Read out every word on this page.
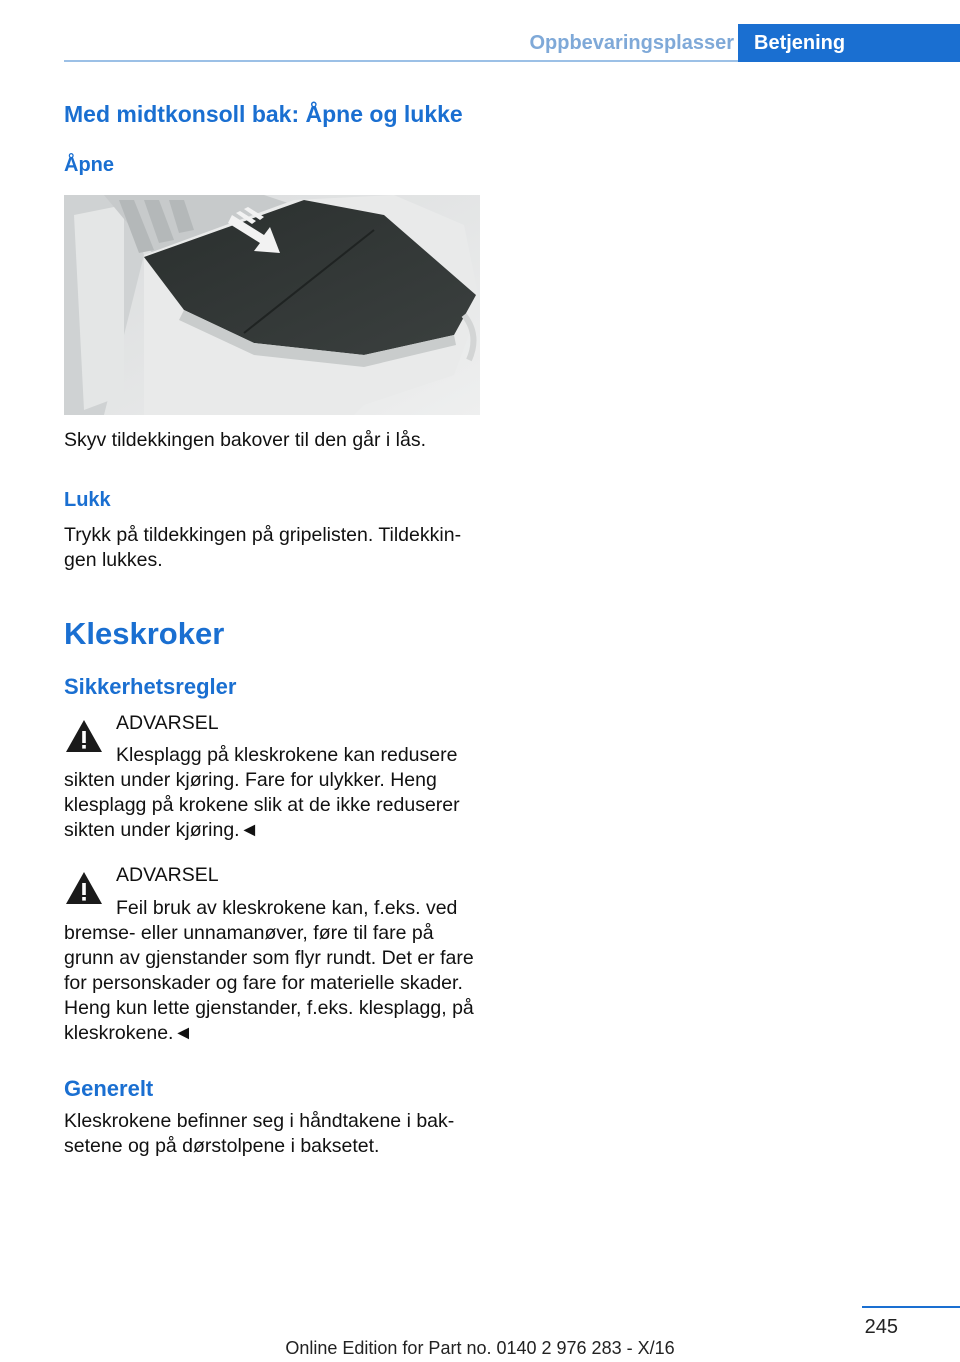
Oppbevaringsplasser	Betjening
Med midtkonsoll bak: Åpne og lukke
Åpne

Skyv tildekkingen bakover til den går i lås.

Lukk

Trykk på tildekkingen på gripelisten. Tildekkingen lukkes.

Kleskroker
Sikkerhetsregler

ADVARSEL

Klesplagg på kleskrokene kan redusere sikten under kjøring. Fare for ulykker. Heng klesplagg på krokene slik at de ikke reduserer sikten under kjøring.◄

ADVARSEL

Feil bruk av kleskrokene kan, f.eks. ved bremse- eller unnamanøver, føre til fare på grunn av gjenstander som flyr rundt. Det er fare for personskader og fare for materielle skader. Heng kun lette gjenstander, f.eks. klesplagg, på kleskrokene.◄

Generelt

Kleskrokene befinner seg i håndtakene i baksetene og på dørstolpene i baksetet.

245
Online Edition for Part no. 0140 2 976 283 - X/16
